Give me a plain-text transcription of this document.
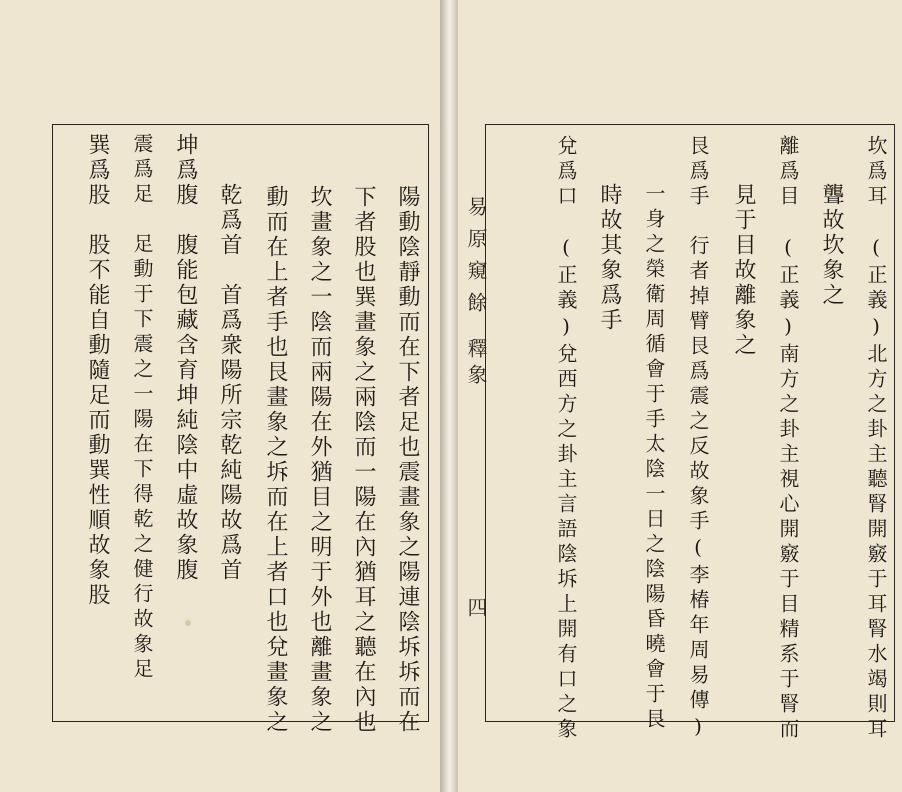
陽動陰靜動而在下者足也震畫象之陽連陰坼坼而在
下者股也巽畫象之兩陰而一陽在內猶耳之聽在內也
坎畫象之一陰而兩陽在外猶目之明于外也離畫象之
動而在上者手也艮畫象之坼而在上者口也兌畫象之
乾爲首　首爲衆陽所宗乾純陽故爲首
坤爲腹　腹能包藏含育坤純陰中虛故象腹
震爲足　足動于下震之一陽在下得乾之健行故象足
巽爲股　股不能自動隨足而動巽性順故象股	坎爲耳　(正義)北方之卦主聽腎開竅于耳腎水竭則耳
聾故坎象之
離爲目　(正義)南方之卦主視心開竅于目精系于腎而
見于目故離象之
艮爲手　行者掉臂艮爲震之反故象手(李椿年周易傳)
一身之榮衛周循會于手太陰一日之陰陽昏曉會于艮
時故其象爲手
兌爲口　(正義)兌西方之卦主言語陰坼上開有口之象
易原窺餘
釋象
四
